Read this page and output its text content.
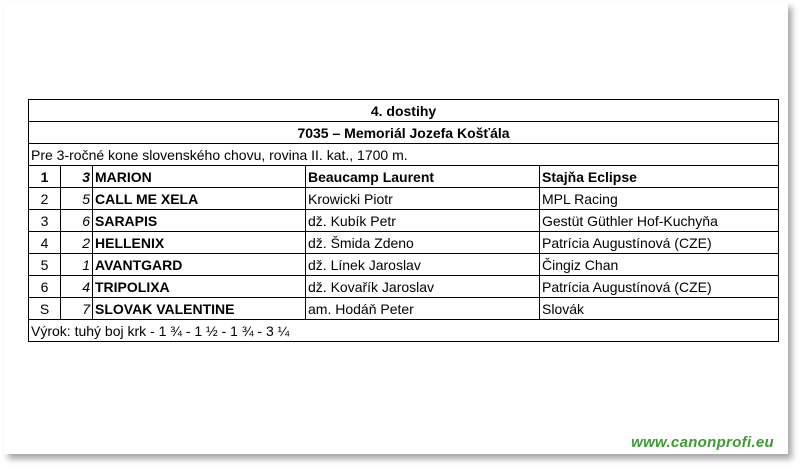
4. dostihy				
7035 – Memoriál Jozefa Košťála				
Pre 3-ročné kone slovenského chovu, rovina II. kat., 1700 m.				
1	3	MARION	Beaucamp Laurent	Stajňa Eclipse
2	5	CALL ME XELA	Krowicki Piotr	MPL Racing
3	6	SARAPIS	dž. Kubík Petr	Gestüt Güthler Hof-Kuchyňa
4	2	HELLENIX	dž. Šmida Zdeno	Patrícia Augustínová (CZE)
5	1	AVANTGARD	dž. Línek Jaroslav	Čingiz Chan
6	4	TRIPOLIXA	dž. Kovařík Jaroslav	Patrícia Augustínová (CZE)
S	7	SLOVAK VALENTINE	am. Hodáň Peter	Slovák
Výrok: tuhý boj krk - 1 ¾ - 1 ½ - 1 ¾ - 3 ¼				
www.canonprofi.eu
